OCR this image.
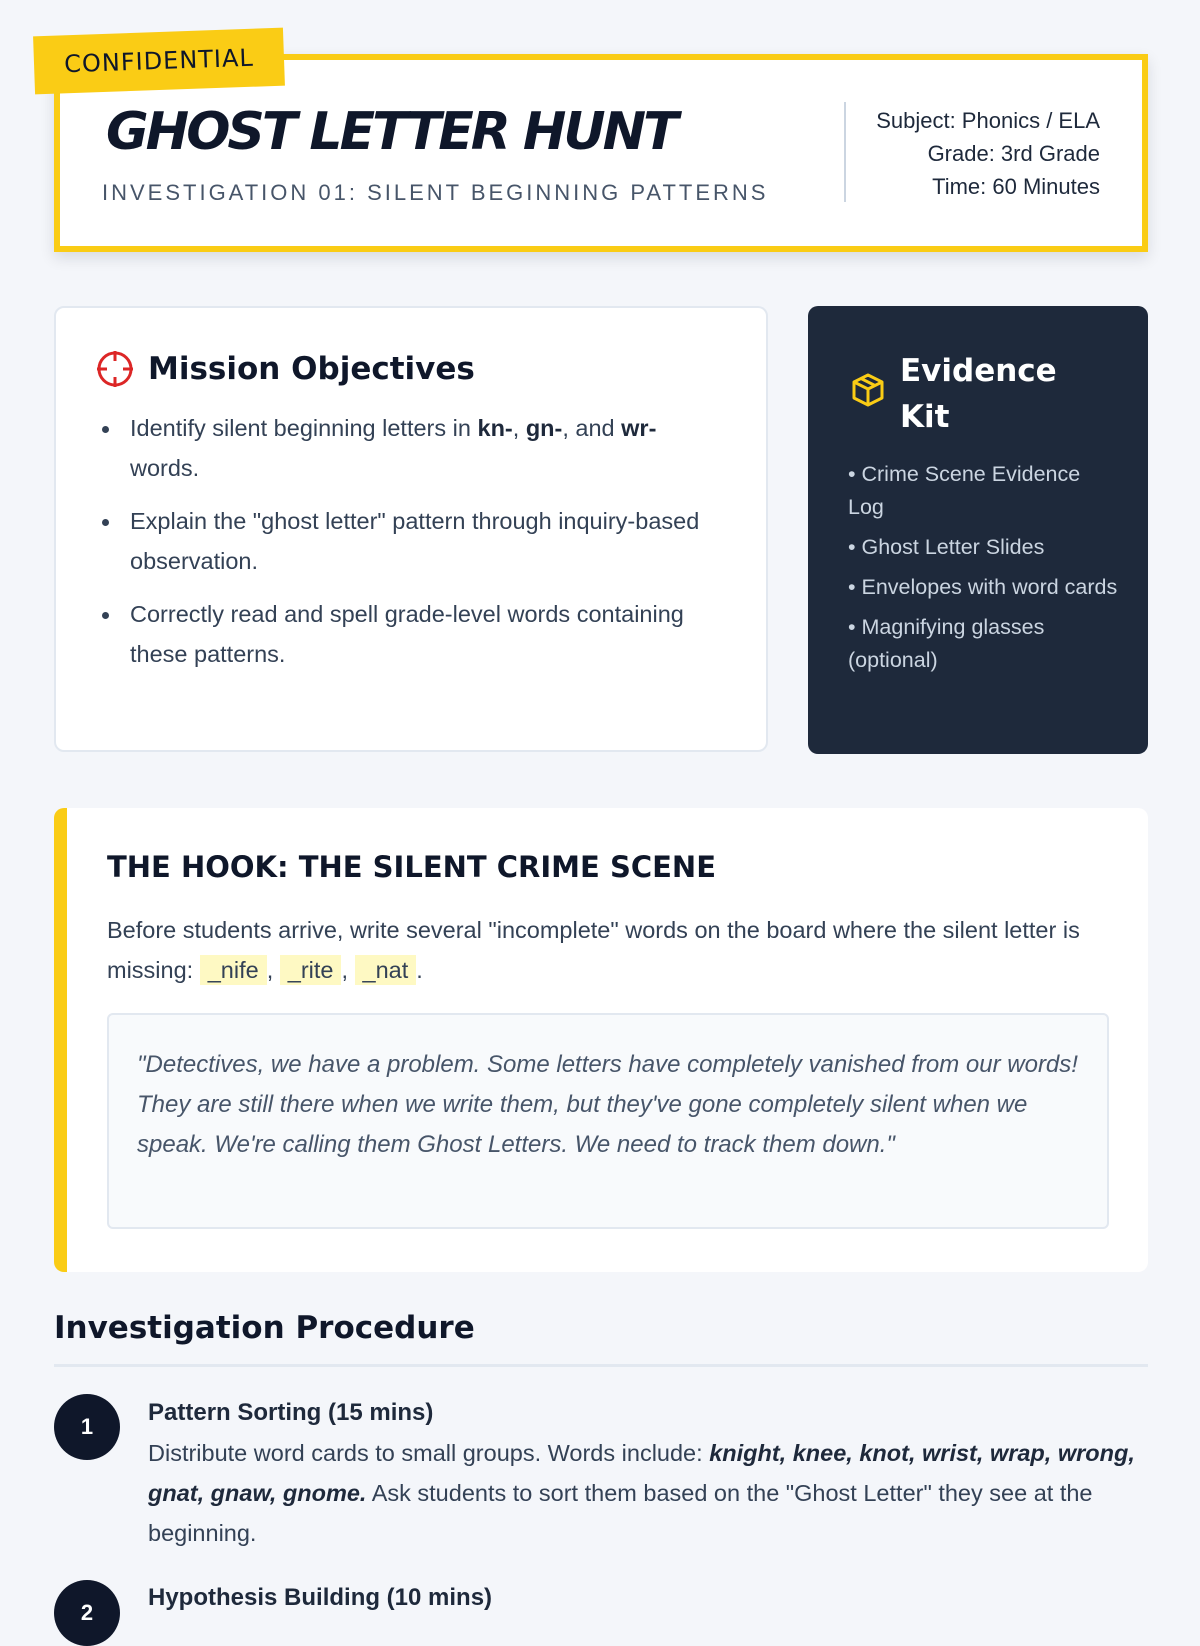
CONFIDENTIAL
GHOST LETTER HUNT
INVESTIGATION 01: SILENT BEGINNING PATTERNS
Subject: Phonics / ELA
Grade: 3rd Grade
Time: 60 Minutes
Mission Objectives
Identify silent beginning letters in kn-, gn-, and wr- words.
Explain the "ghost letter" pattern through inquiry-based observation.
Correctly read and spell grade-level words containing these patterns.
Evidence Kit
• Crime Scene Evidence Log
• Ghost Letter Slides
• Envelopes with word cards
• Magnifying glasses (optional)
THE HOOK: THE SILENT CRIME SCENE
Before students arrive, write several "incomplete" words on the board where the silent letter is missing: _nife , _rite , _nat .
"Detectives, we have a problem. Some letters have completely vanished from our words! They are still there when we write them, but they've gone completely silent when we speak. We're calling them Ghost Letters. We need to track them down."
Investigation Procedure
1
Pattern Sorting (15 mins)
Distribute word cards to small groups. Words include: knight, knee, knot, wrist, wrap, wrong, gnat, gnaw, gnome. Ask students to sort them based on the "Ghost Letter" they see at the beginning.
2
Hypothesis Building (10 mins)
